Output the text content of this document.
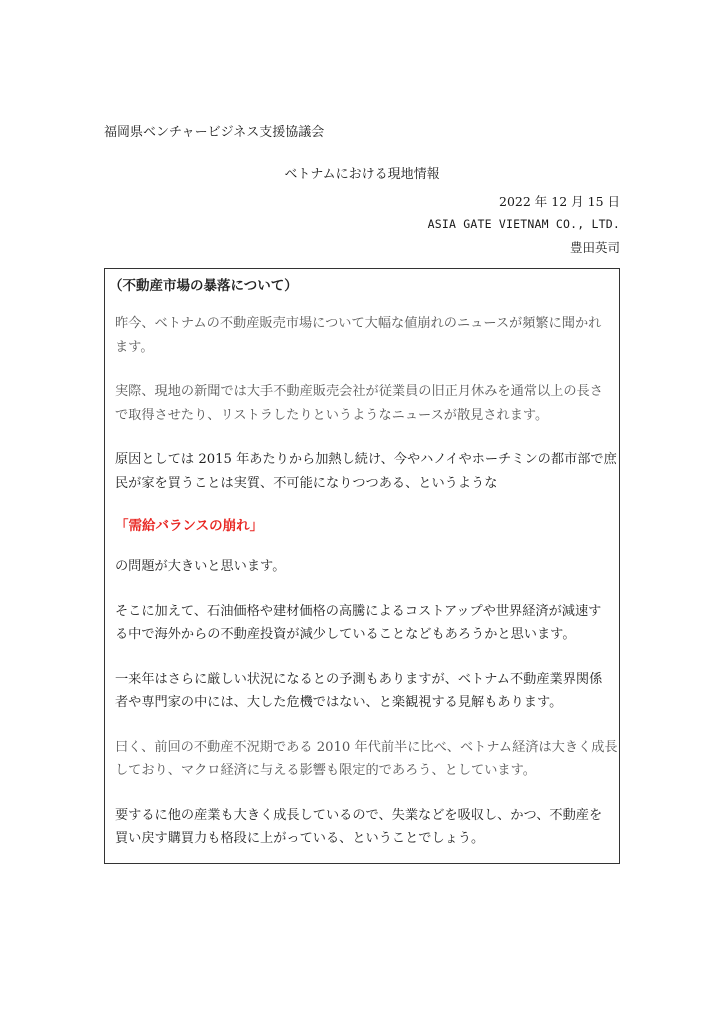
福岡県ベンチャービジネス支援協議会
ベトナムにおける現地情報
2022 年 12 月 15 日
ASIA GATE VIETNAM CO., LTD.
豊田英司
（不動産市場の暴落について）
昨今、ベトナムの不動産販売市場について大幅な値崩れのニュースが頻繁に聞かれ
ます。
実際、現地の新聞では大手不動産販売会社が従業員の旧正月休みを通常以上の長さ
で取得させたり、リストラしたりというようなニュースが散見されます。
原因としては 2015 年あたりから加熱し続け、今やハノイやホーチミンの都市部で庶
民が家を買うことは実質、不可能になりつつある、というような
「需給バランスの崩れ」
の問題が大きいと思います。
そこに加えて、石油価格や建材価格の高騰によるコストアップや世界経済が減速す
る中で海外からの不動産投資が減少していることなどもあろうかと思います。
一来年はさらに厳しい状況になるとの予測もありますが、ベトナム不動産業界関係
者や専門家の中には、大した危機ではない、と楽観視する見解もあります。
曰く、前回の不動産不況期である 2010 年代前半に比べ、ベトナム経済は大きく成長
しており、マクロ経済に与える影響も限定的であろう、としています。
要するに他の産業も大きく成長しているので、失業などを吸収し、かつ、不動産を
買い戻す購買力も格段に上がっている、ということでしょう。
